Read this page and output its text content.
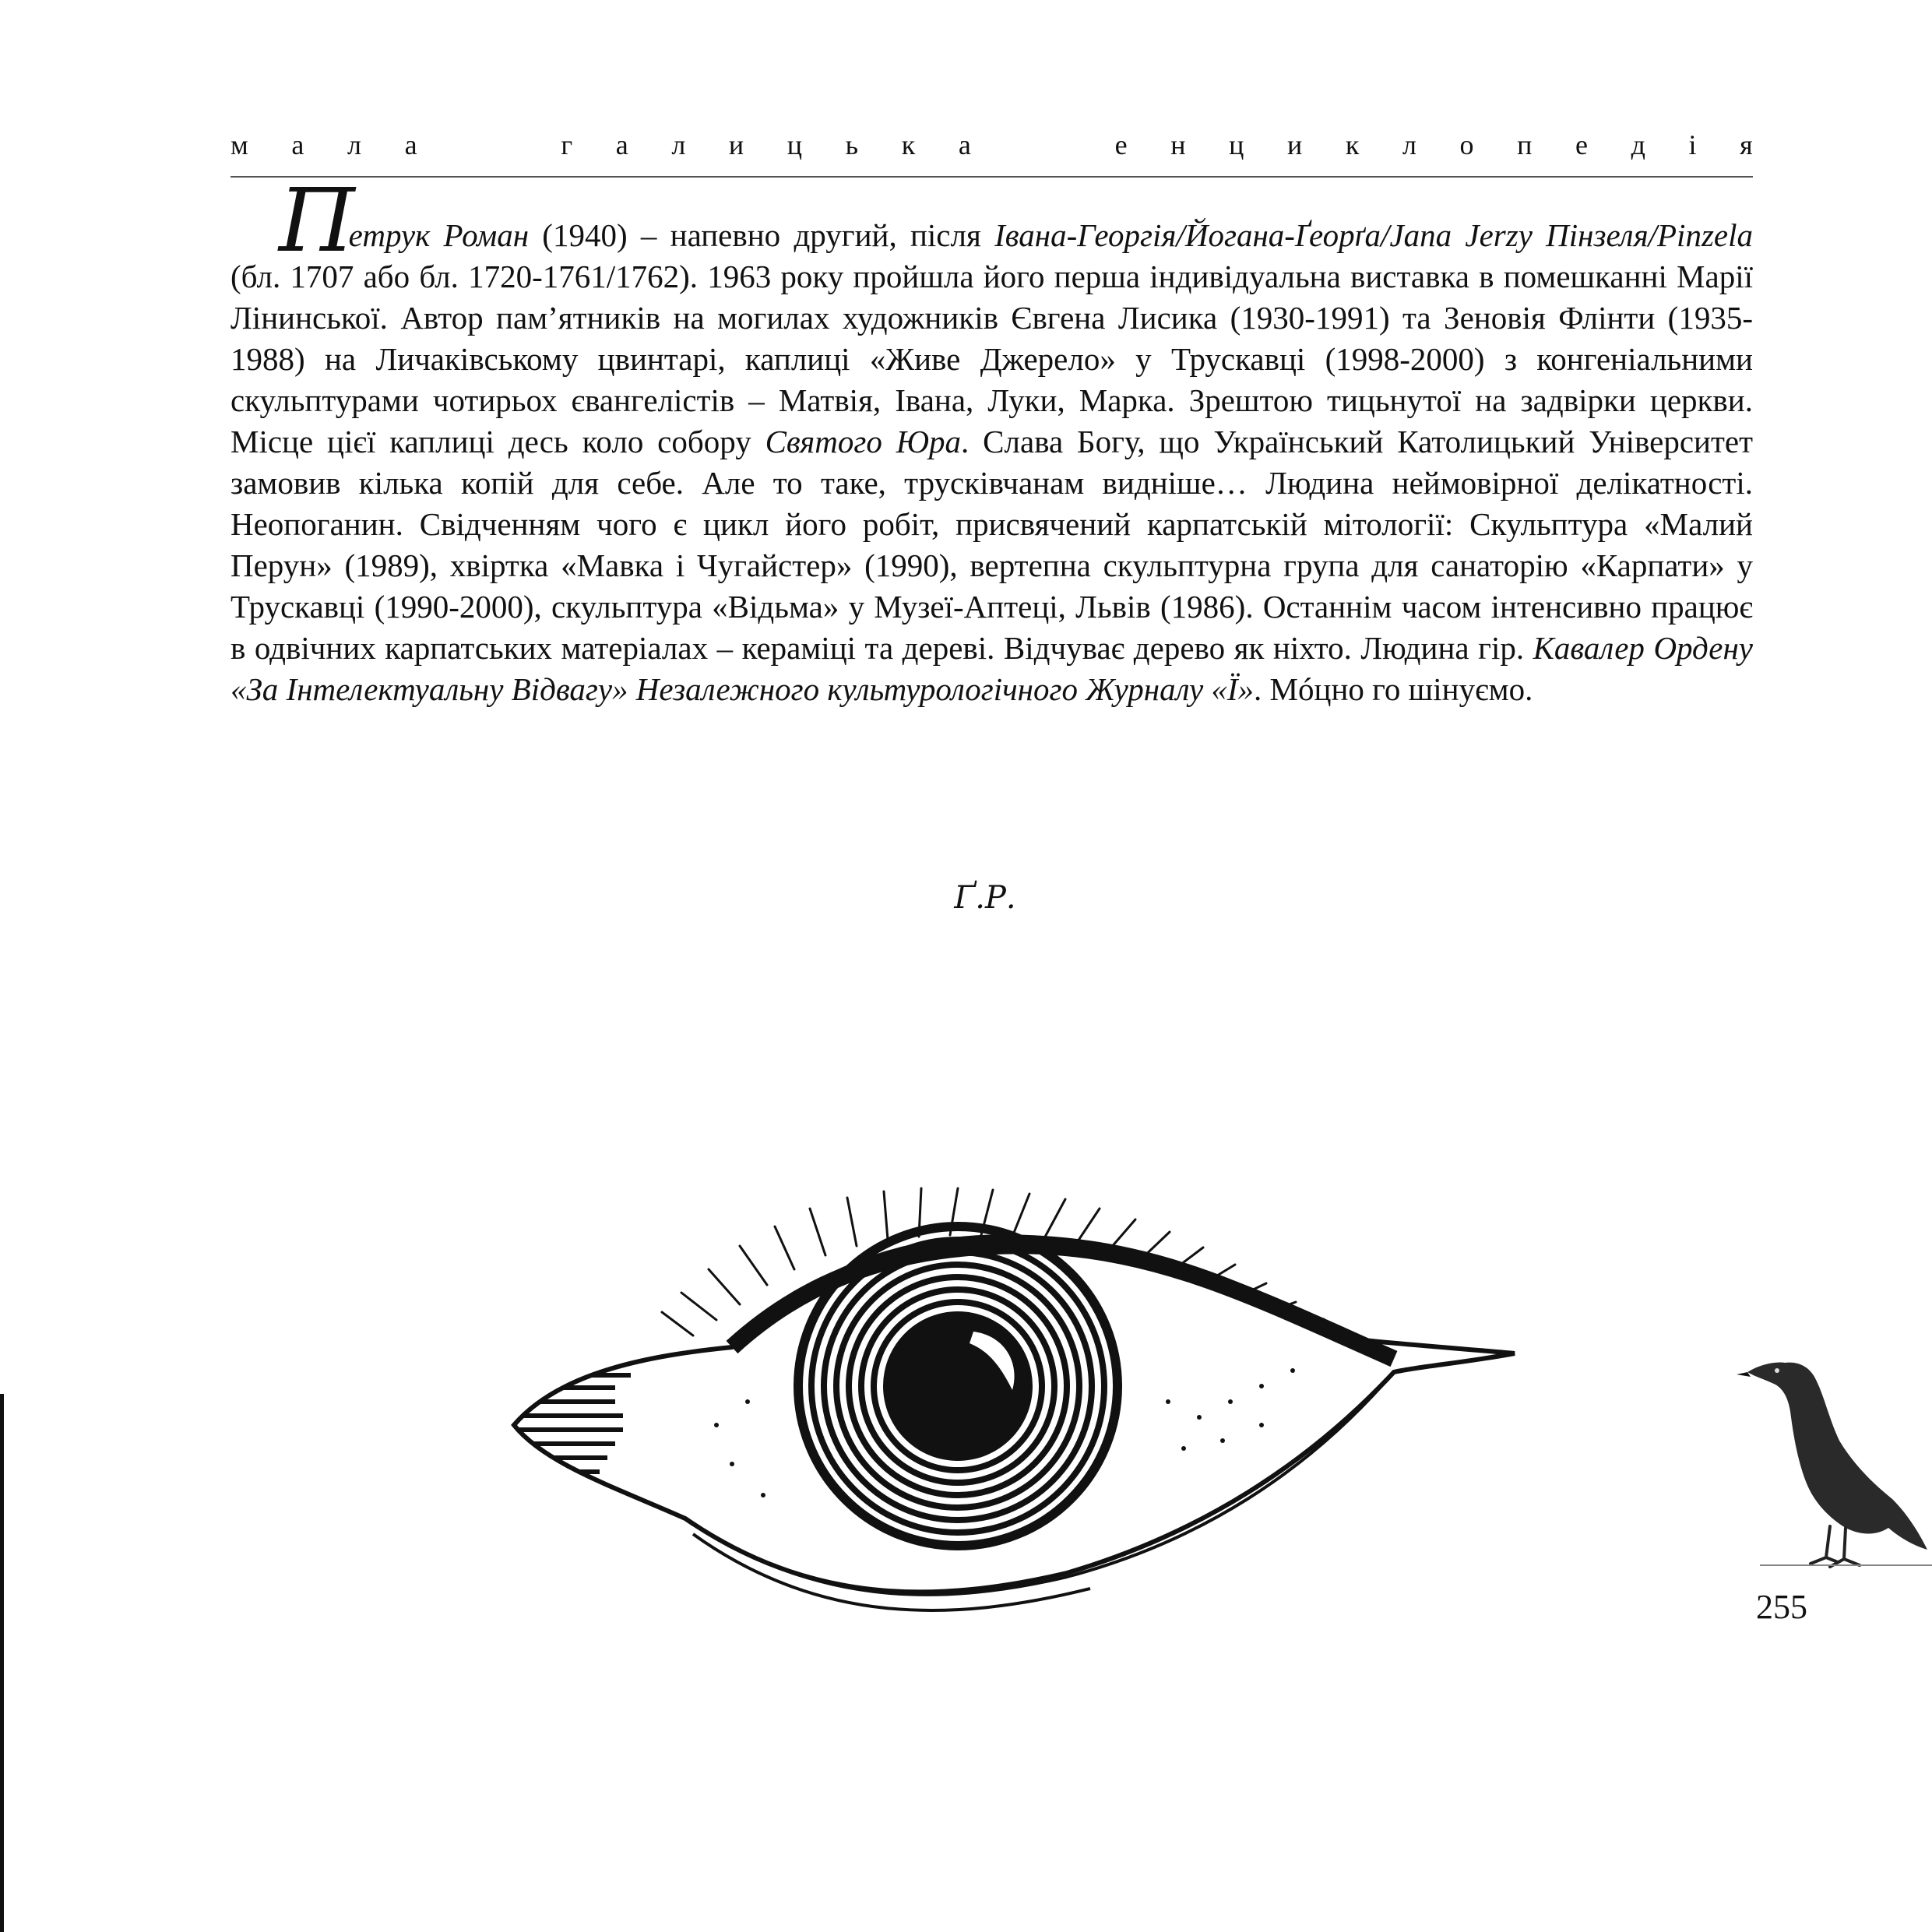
м а л а

	г а л и ц ь к а

	е н ц и к л о п е д і я
Петрук Роман (1940) – напевно другий, після Івана-Георгія/Йогана-Ґеорґа/Jana Jerzy Пінзеля/Pinzela (бл. 1707 або бл. 1720-1761/1762). 1963 року пройшла його перша індивідуальна виставка в помешканні Марії Лінинської. Автор пам’ятників на могилах художників Євгена Лисика (1930-1991) та Зеновія Флінти (1935-1988) на Личаківському цвинтарі, каплиці «Живе Джерело» у Трускавці (1998-2000) з конгеніальними скульптурами чотирьох євангелістів – Матвія, Івана, Луки, Марка. Зрештою тицьнутої на задвірки церкви. Місце цієї каплиці десь коло собору Святого Юра. Слава Богу, що Український Католицький Університет замовив кілька копій для себе. Але то таке, трусківчанам видніше… Людина неймовірної делікатності. Неопоганин. Свідченням чого є цикл його робіт, присвячений карпатській мітології: Скульптура «Малий Перун» (1989), хвіртка «Мавка і Чугайстер» (1990), вертепна скульптурна група для санаторію «Карпати» у Трускавці (1990-2000), скульптура «Відьма» у Музеї-Аптеці, Львів (1986). Останнім часом інтенсивно працює в одвічних карпатських матеріалах – кераміці та дереві. Відчуває дерево як ніхто. Людина гір. Кавалер Ордену «За Інтелектуальну Відвагу» Незалежного культурологічного Журналу «Ї». Мóцно го шінуємо.
Ґ.Р.
255
